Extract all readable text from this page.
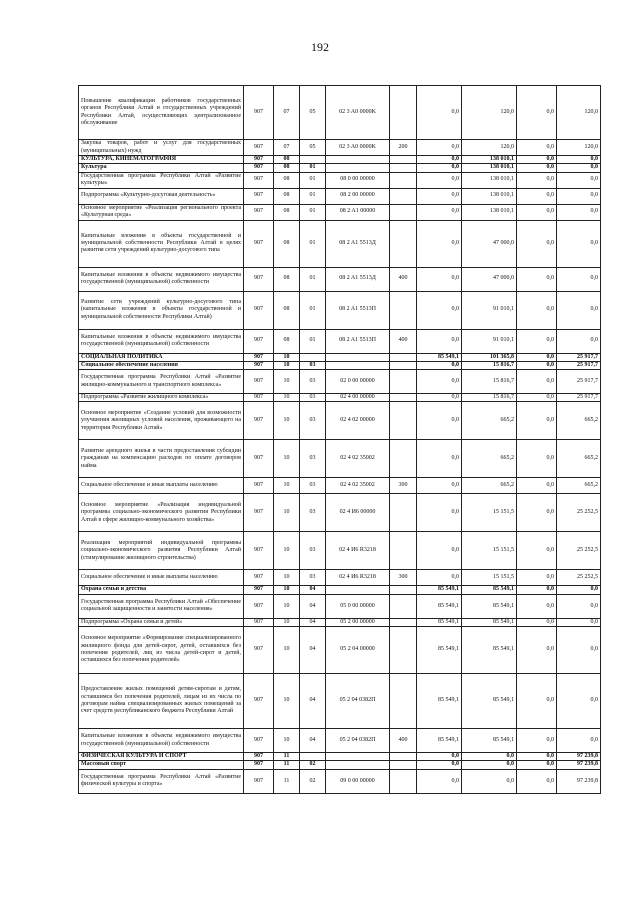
192
Повышение квалификации работников государственных органов Республики Алтай и государственных учреждений Республики Алтай, осуществляющих централизованное обслуживание	907	07	05	02 3 A0 0000K		0,0	120,0	0,0	120,0
Закупка товаров, работ и услуг для государственных (муниципальных) нужд	907	07	05	02 3 A0 0000K	200	0,0	120,0	0,0	120,0
КУЛЬТУРА, КИНЕМАТОГРАФИЯ	907	08				0,0	138 010,1	0,0	0,0
Культура	907	08	01			0,0	138 010,1	0,0	0,0
Государственная программа Республики Алтай «Развитие культуры»	907	08	01	08 0 00 00000		0,0	138 010,1	0,0	0,0
Подпрограмма «Культурно-досуговая деятельность»	907	08	01	08 2 00 00000		0,0	138 010,1	0,0	0,0
Основное мероприятие «Реализация регионального проекта «Культурная среда»	907	08	01	08 2 A1 00000		0,0	138 010,1	0,0	0,0
Капитальные вложения в объекты государственной и муниципальной собственности Республики Алтай в целях развития сети учреждений культурно-досугового типа	907	08	01	08 2 A1 5513Д		0,0	47 000,0	0,0	0,0
Капитальные вложения в объекты недвижимого имущества государственной (муниципальной) собственности	907	08	01	08 2 A1 5513Д	400	0,0	47 000,0	0,0	0,0
Развитие сети учреждений культурно-досугового типа (капитальные вложения в объекты государственной и муниципальной собственности Республики Алтай)	907	08	01	08 2 A1 5513П		0,0	91 010,1	0,0	0,0
Капитальные вложения в объекты недвижимого имущества государственной (муниципальной) собственности	907	08	01	08 2 A1 5513П	400	0,0	91 010,1	0,0	0,0
СОЦИАЛЬНАЯ ПОЛИТИКА	907	10				85 549,1	101 365,8	0,0	25 917,7
Социальное обеспечение населения	907	10	03			0,0	15 816,7	0,0	25 917,7
Государственная программа Республики Алтай «Развитие жилищно-коммунального и транспортного комплекса»	907	10	03	02 0 00 00000		0,0	15 816,7	0,0	25 917,7
Подпрограмма «Развитие жилищного комплекса»	907	10	03	02 4 00 00000		0,0	15 816,7	0,0	25 917,7
Основное мероприятие «Создание условий для возможности улучшения жилищных условий населения, проживающего на территории Республики Алтай»	907	10	03	02 4 02 00000		0,0	665,2	0,0	665,2
Развитие арендного жилья в части предоставления субсидии гражданам на компенсацию расходов по оплате договоров найма	907	10	03	02 4 02 35002		0,0	665,2	0,0	665,2
Социальное обеспечение и иные выплаты населению	907	10	03	02 4 02 35002	300	0,0	665,2	0,0	665,2
Основное мероприятие «Реализация индивидуальной программы социально-экономического развития Республики Алтай в сфере жилищно-коммунального хозяйства»	907	10	03	02 4 И6 00000		0,0	15 151,5	0,0	25 252,5
Реализация мероприятий индивидуальной программы социально-экономического развития Республики Алтай (стимулирование жилищного строительства)	907	10	03	02 4 И6 R3218		0,0	15 151,5	0,0	25 252,5
Социальное обеспечение и иные выплаты населению	907	10	03	02 4 И6 R3218	300	0,0	15 151,5	0,0	25 252,5
Охрана семьи и детства	907	10	04			85 549,1	85 549,1	0,0	0,0
Государственная программа Республики Алтай «Обеспечение социальной защищенности и занятости населения»	907	10	04	05 0 00 00000		85 549,1	85 549,1	0,0	0,0
Подпрограмма «Охрана семьи и детей»	907	10	04	05 2 00 00000		85 549,1	85 549,1	0,0	0,0
Основное мероприятие «Формирование специализированного жилищного фонда для детей-сирот, детей, оставшихся без попечения родителей, лиц из числа детей-сирот и детей, оставшихся без попечения родителей»	907	10	04	05 2 04 00000		85 549,1	85 549,1	0,0	0,0
Предоставление жилых помещений детям-сиротам и детям, оставшимся без попечения родителей, лицам из их числа по договорам найма специализированных жилых помещений за счет средств республиканского бюджета Республики Алтай	907	10	04	05 2 04 0382П		85 549,1	85 549,1	0,0	0,0
Капитальные вложения в объекты недвижимого имущества государственной (муниципальной) собственности	907	10	04	05 2 04 0382П	400	85 549,1	85 549,1	0,0	0,0
ФИЗИЧЕСКАЯ КУЛЬТУРА И СПОРТ	907	11				0,0	0,0	0,0	97 239,8
Массовый спорт	907	11	02			0,0	0,0	0,0	97 239,8
Государственная программа Республики Алтай «Развитие физической культуры и спорта»	907	11	02	09 0 00 00000		0,0	0,0	0,0	97 239,8
